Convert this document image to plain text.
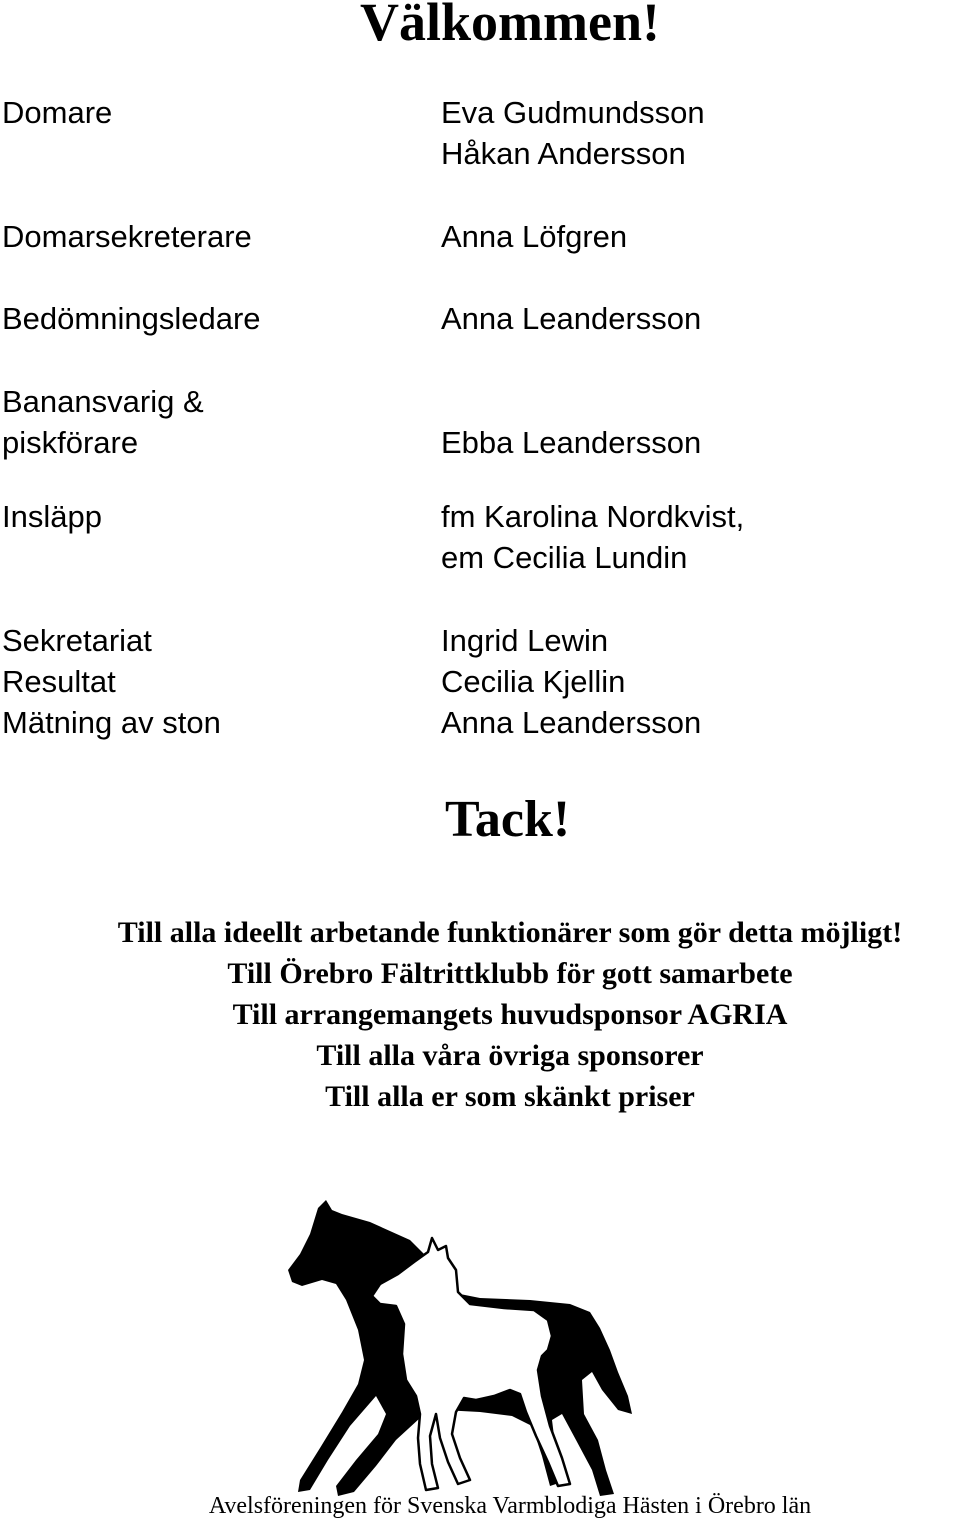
Välkommen!
Domare	Eva Gudmundsson
Håkan Andersson
Domarsekreterare	Anna Löfgren
Bedömningsledare	Anna Leandersson
Banansvarig &
piskförare	Ebba Leandersson
Insläpp	fm Karolina Nordkvist,
em Cecilia Lundin
Sekretariat	Ingrid Lewin
Resultat	Cecilia Kjellin
Mätning av ston	Anna Leandersson
Tack!
Till alla ideellt arbetande funktionärer som gör detta möjligt!
Till Örebro Fältrittklubb för gott samarbete
Till arrangemangets huvudsponsor AGRIA
Till alla våra övriga sponsorer
Till alla er som skänkt priser
Avelsföreningen för Svenska Varmblodiga Hästen i Örebro län
